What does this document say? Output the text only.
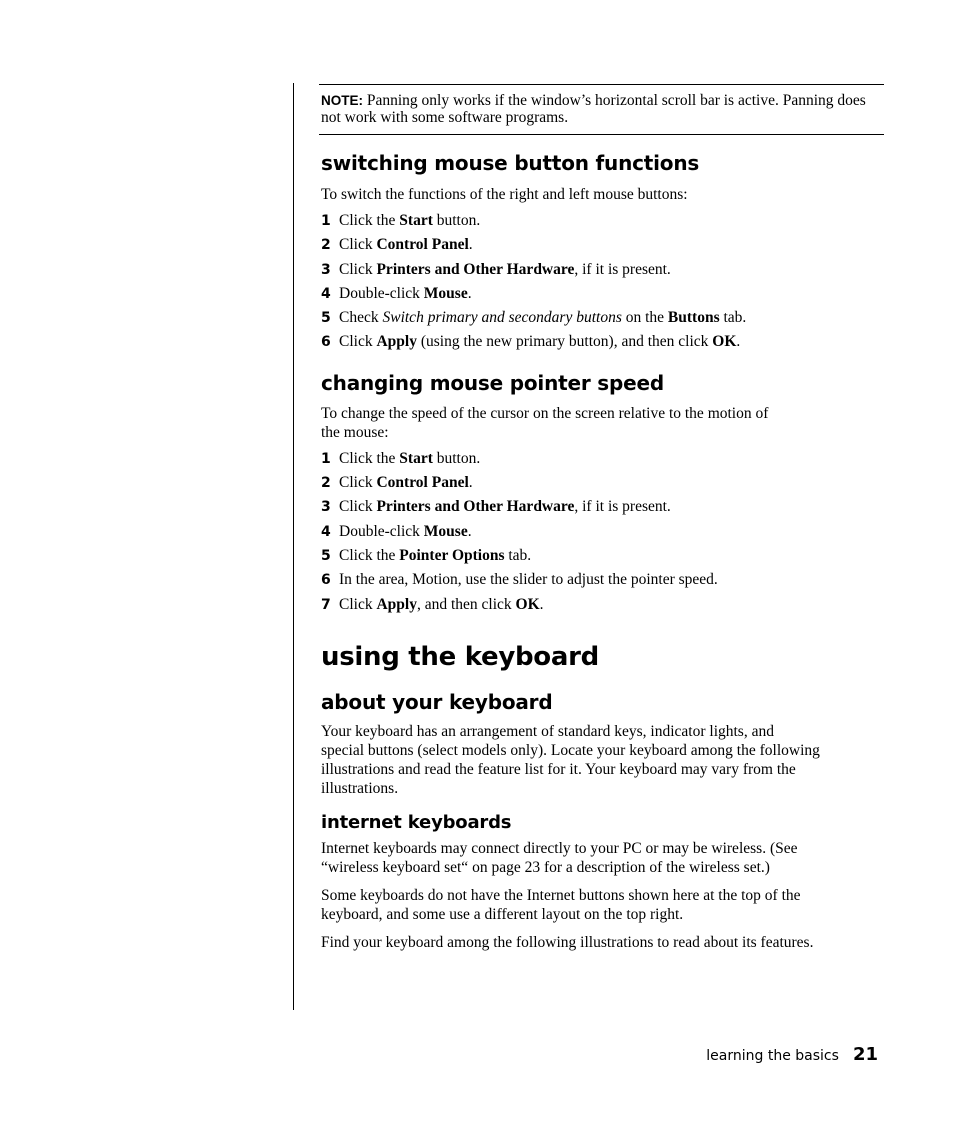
NOTE: Panning only works if the window’s horizontal scroll bar is active. Panning does not work with some software programs.
switching mouse button functions

To switch the functions of the right and left mouse buttons:

1 Click the Start button.
2 Click Control Panel.
3 Click Printers and Other Hardware, if it is present.
4 Double-click Mouse.
5 Check Switch primary and secondary buttons on the Buttons tab.
6 Click Apply (using the new primary button), and then click OK.
changing mouse pointer speed

To change the speed of the cursor on the screen relative to the motion of
the mouse:

1 Click the Start button.
2 Click Control Panel.
3 Click Printers and Other Hardware, if it is present.
4 Double-click Mouse.
5 Click the Pointer Options tab.
6 In the area, Motion, use the slider to adjust the pointer speed.
7 Click Apply, and then click OK.
using the keyboard
about your keyboard

Your keyboard has an arrangement of standard keys, indicator lights, and
special buttons (select models only). Locate your keyboard among the following
illustrations and read the feature list for it. Your keyboard may vary from the
illustrations.

internet keyboards

Internet keyboards may connect directly to your PC or may be wireless. (See
“wireless keyboard set“ on page 23 for a description of the wireless set.)

Some keyboards do not have the Internet buttons shown here at the top of the
keyboard, and some use a different layout on the top right.

Find your keyboard among the following illustrations to read about its features.

learning the basics 21
